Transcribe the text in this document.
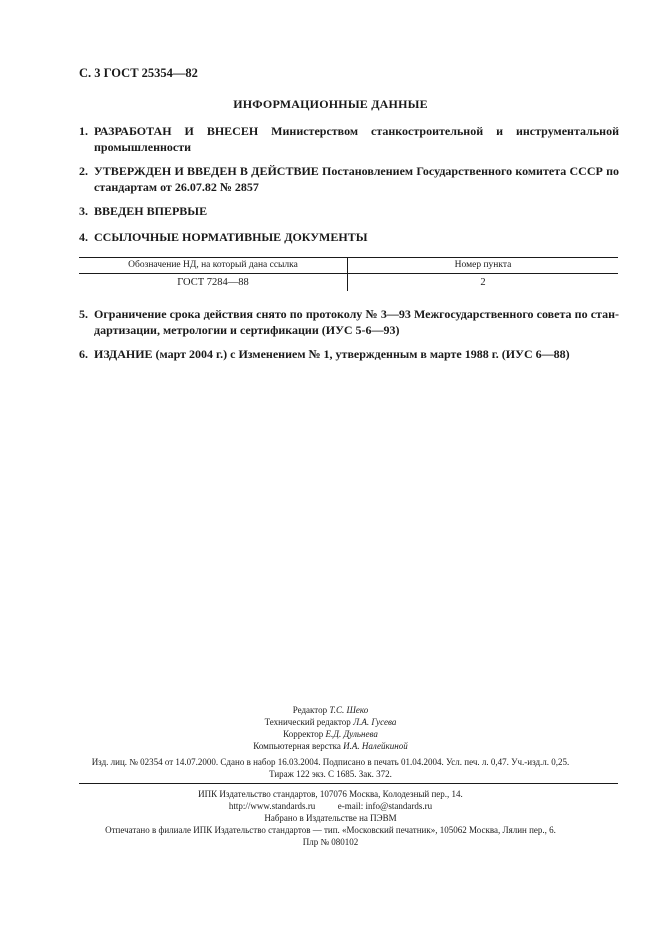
С. 3 ГОСТ 25354—82
ИНФОРМАЦИОННЫЕ ДАННЫЕ
1. РАЗРАБОТАН И ВНЕСЕН Министерством станкостроительной и инструментальной промышленности
2. УТВЕРЖДЕН И ВВЕДЕН В ДЕЙСТВИЕ Постановлением Государственного комитета СССР по стандартам от 26.07.82 № 2857
3. ВВЕДЕН ВПЕРВЫЕ
4. ССЫЛОЧНЫЕ НОРМАТИВНЫЕ ДОКУМЕНТЫ
Обозначение НД, на который дана ссылка	Номер пункта
ГОСТ 7284—88	2
5. Ограничение срока действия снято по протоколу № 3—93 Межгосударственного совета по стандартизации, метрологии и сертификации (ИУС 5-6—93)
6. ИЗДАНИЕ (март 2004 г.) с Изменением № 1, утвержденным в марте 1988 г. (ИУС 6—88)
Редактор Т.С. Шеко
Технический редактор Л.А. Гусева
Корректор Е.Д. Дульнева
Компьютерная верстка И.А. Налейкиной
Изд. лиц. № 02354 от 14.07.2000. Сдано в набор 16.03.2004. Подписано в печать 01.04.2004. Усл. печ. л. 0,47. Уч.-изд.л. 0,25.
Тираж 122 экз. С 1685. Зак. 372.
ИПК Издательство стандартов, 107076 Москва, Колодезный пер., 14.
http://www.standards.ru          e-mail: info@standards.ru
Набрано в Издательстве на ПЭВМ
Отпечатано в филиале ИПК Издательство стандартов — тип. «Московский печатник», 105062 Москва, Лялин пер., 6.
Плр № 080102
